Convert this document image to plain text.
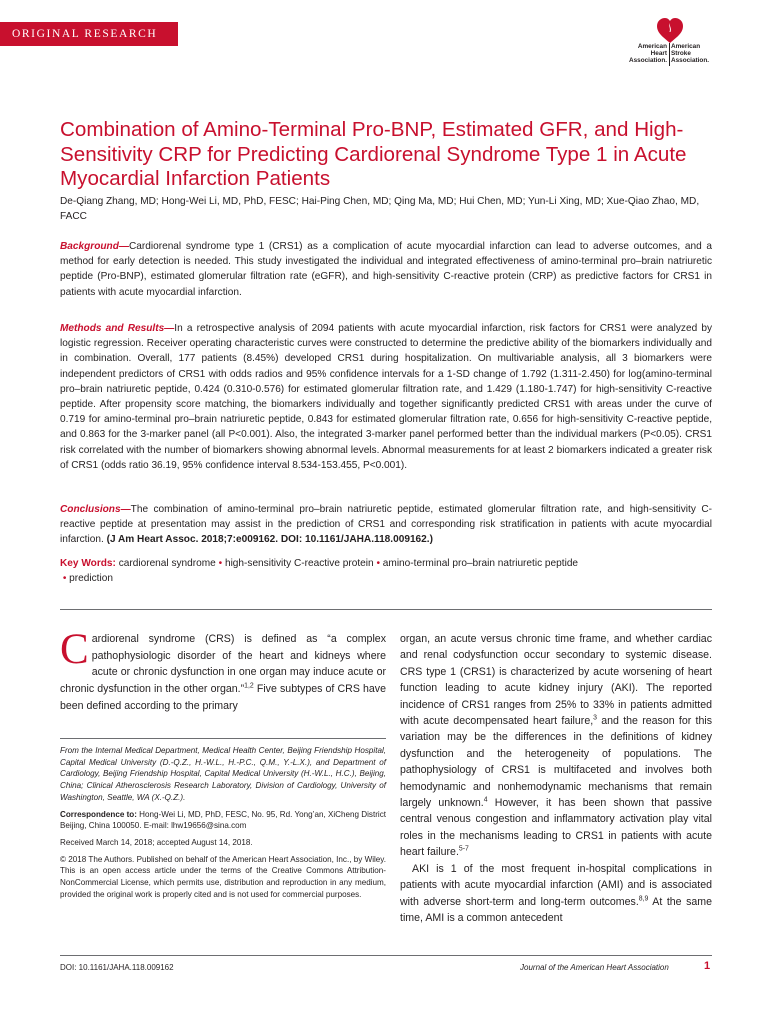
ORIGINAL RESEARCH
American
Heart
Association.
American
Stroke
Association.
Combination of Amino-Terminal Pro-BNP, Estimated GFR, and High-Sensitivity CRP for Predicting Cardiorenal Syndrome Type 1 in Acute Myocardial Infarction Patients

De-Qiang Zhang, MD; Hong-Wei Li, MD, PhD, FESC; Hai-Ping Chen, MD; Qing Ma, MD; Hui Chen, MD; Yun-Li Xing, MD; Xue-Qiao Zhao, MD, FACC

Background—Cardiorenal syndrome type 1 (CRS1) as a complication of acute myocardial infarction can lead to adverse outcomes, and a method for early detection is needed. This study investigated the individual and integrated effectiveness of amino-terminal pro–brain natriuretic peptide (Pro-BNP), estimated glomerular filtration rate (eGFR), and high-sensitivity C-reactive protein (CRP) as predictive factors for CRS1 in patients with acute myocardial infarction.

Methods and Results—In a retrospective analysis of 2094 patients with acute myocardial infarction, risk factors for CRS1 were analyzed by logistic regression. Receiver operating characteristic curves were constructed to determine the predictive ability of the biomarkers individually and in combination. Overall, 177 patients (8.45%) developed CRS1 during hospitalization. On multivariable analysis, all 3 biomarkers were independent predictors of CRS1 with odds radios and 95% confidence intervals for a 1-SD change of 1.792 (1.311-2.450) for log(amino-terminal pro–brain natriuretic peptide, 0.424 (0.310-0.576) for estimated glomerular filtration rate, and 1.429 (1.180-1.747) for high-sensitivity C-reactive peptide. After propensity score matching, the biomarkers individually and together significantly predicted CRS1 with areas under the curve of 0.719 for amino-terminal pro–brain natriuretic peptide, 0.843 for estimated glomerular filtration rate, 0.656 for high-sensitivity C-reactive peptide, and 0.863 for the 3-marker panel (all P<0.001). Also, the integrated 3-marker panel performed better than the individual markers (P<0.05). CRS1 risk correlated with the number of biomarkers showing abnormal levels. Abnormal measurements for at least 2 biomarkers indicated a greater risk of CRS1 (odds ratio 36.19, 95% confidence interval 8.534-153.455, P<0.001).

Conclusions—The combination of amino-terminal pro–brain natriuretic peptide, estimated glomerular filtration rate, and high-sensitivity C-reactive peptide at presentation may assist in the prediction of CRS1 and corresponding risk stratification in patients with acute myocardial infarction. (J Am Heart Assoc. 2018;7:e009162. DOI: 10.1161/JAHA.118.009162.)

Key Words: cardiorenal syndrome • high-sensitivity C-reactive protein • amino-terminal pro–brain natriuretic peptide
• prediction

Cardiorenal syndrome (CRS) is defined as “a complex pathophysiologic disorder of the heart and kidneys where acute or chronic dysfunction in one organ may induce acute or chronic dysfunction in the other organ.”$^{1,2}$ Five subtypes of CRS have been defined according to the primary

From the Internal Medical Department, Medical Health Center, Beijing Friendship Hospital, Capital Medical University (D.-Q.Z., H.-W.L., H.-P.C., Q.M., Y.-L.X.), and Department of Cardiology, Beijing Friendship Hospital, Capital Medical University (H.-W.L., H.C.), Beijing, China; Clinical Atherosclerosis Research Laboratory, Division of Cardiology, University of Washington, Seattle, WA (X.-Q.Z.).

Correspondence to: Hong-Wei Li, MD, PhD, FESC, No. 95, Rd. Yong’an, XiCheng District Beijing, China 100050. E-mail: lhw19656@sina.com

Received March 14, 2018; accepted August 14, 2018.

© 2018 The Authors. Published on behalf of the American Heart Association, Inc., by Wiley. This is an open access article under the terms of the Creative Commons Attribution-NonCommercial License, which permits use, distribution and reproduction in any medium, provided the original work is properly cited and is not used for commercial purposes.

organ, an acute versus chronic time frame, and whether cardiac and renal codysfunction occur secondary to systemic disease. CRS type 1 (CRS1) is characterized by acute worsening of heart function leading to acute kidney injury (AKI). The reported incidence of CRS1 ranges from 25% to 33% in patients admitted with acute decompensated heart failure,$^3$ and the reason for this variation may be the differences in the definitions of kidney dysfunction and the heterogeneity of populations. The pathophysiology of CRS1 is multifaceted and involves both hemodynamic and nonhemodynamic mechanisms that remain largely unknown.$^4$ However, it has been shown that passive central venous congestion and inflammatory activation play vital roles in the mechanisms leading to CRS1 in patients with acute heart failure.$^{5-7}$

AKI is 1 of the most frequent in-hospital complications in patients with acute myocardial infarction (AMI) and is associated with adverse short-term and long-term outcomes.$^{8,9}$ At the same time, AMI is a common antecedent

DOI: 10.1161/JAHA.118.009162	Journal of the American Heart Association	1
